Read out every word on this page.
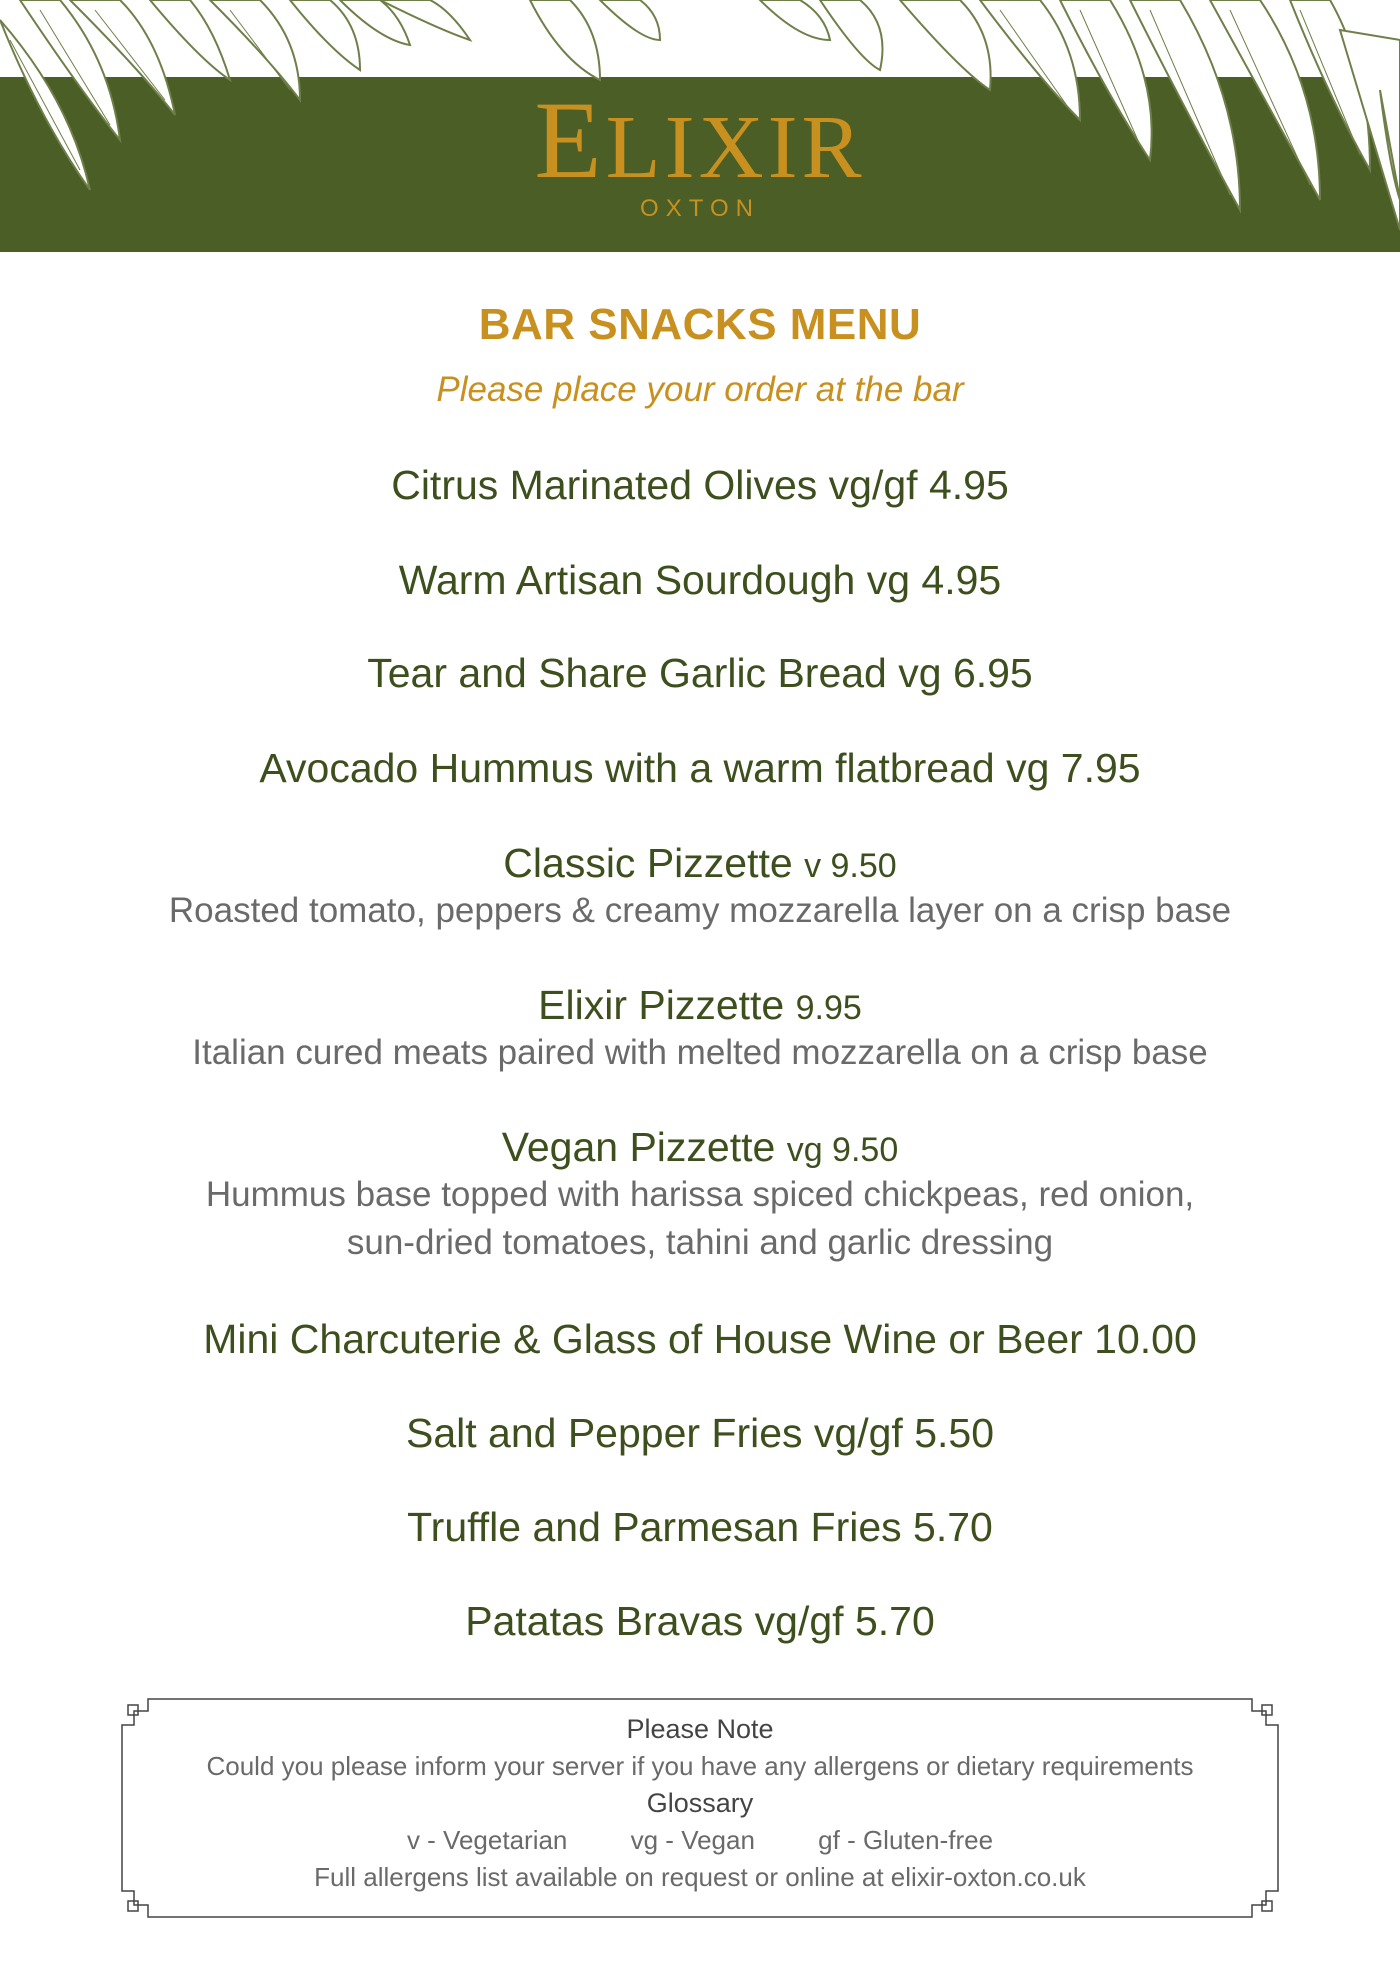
ELIXIR
OXTON
BAR SNACKS MENU
Please place your order at the bar
Citrus Marinated Olives vg/gf 4.95
Warm Artisan Sourdough vg 4.95
Tear and Share Garlic Bread vg 6.95
Avocado Hummus with a warm flatbread vg 7.95
Classic Pizzette v 9.50
Roasted tomato, peppers & creamy mozzarella layer on a crisp base
Elixir Pizzette 9.95
Italian cured meats paired with melted mozzarella on a crisp base
Vegan Pizzette vg 9.50
Hummus base topped with harissa spiced chickpeas, red onion,
sun-dried tomatoes, tahini and garlic dressing
Mini Charcuterie & Glass of House Wine or Beer 10.00
Salt and Pepper Fries vg/gf 5.50
Truffle and Parmesan Fries 5.70
Patatas Bravas vg/gf 5.70
Please Note
Could you please inform your server if you have any allergens or dietary requirements
Glossary
v - Vegetarian vg - Vegan gf - Gluten-free
Full allergens list available on request or online at elixir-oxton.co.uk
